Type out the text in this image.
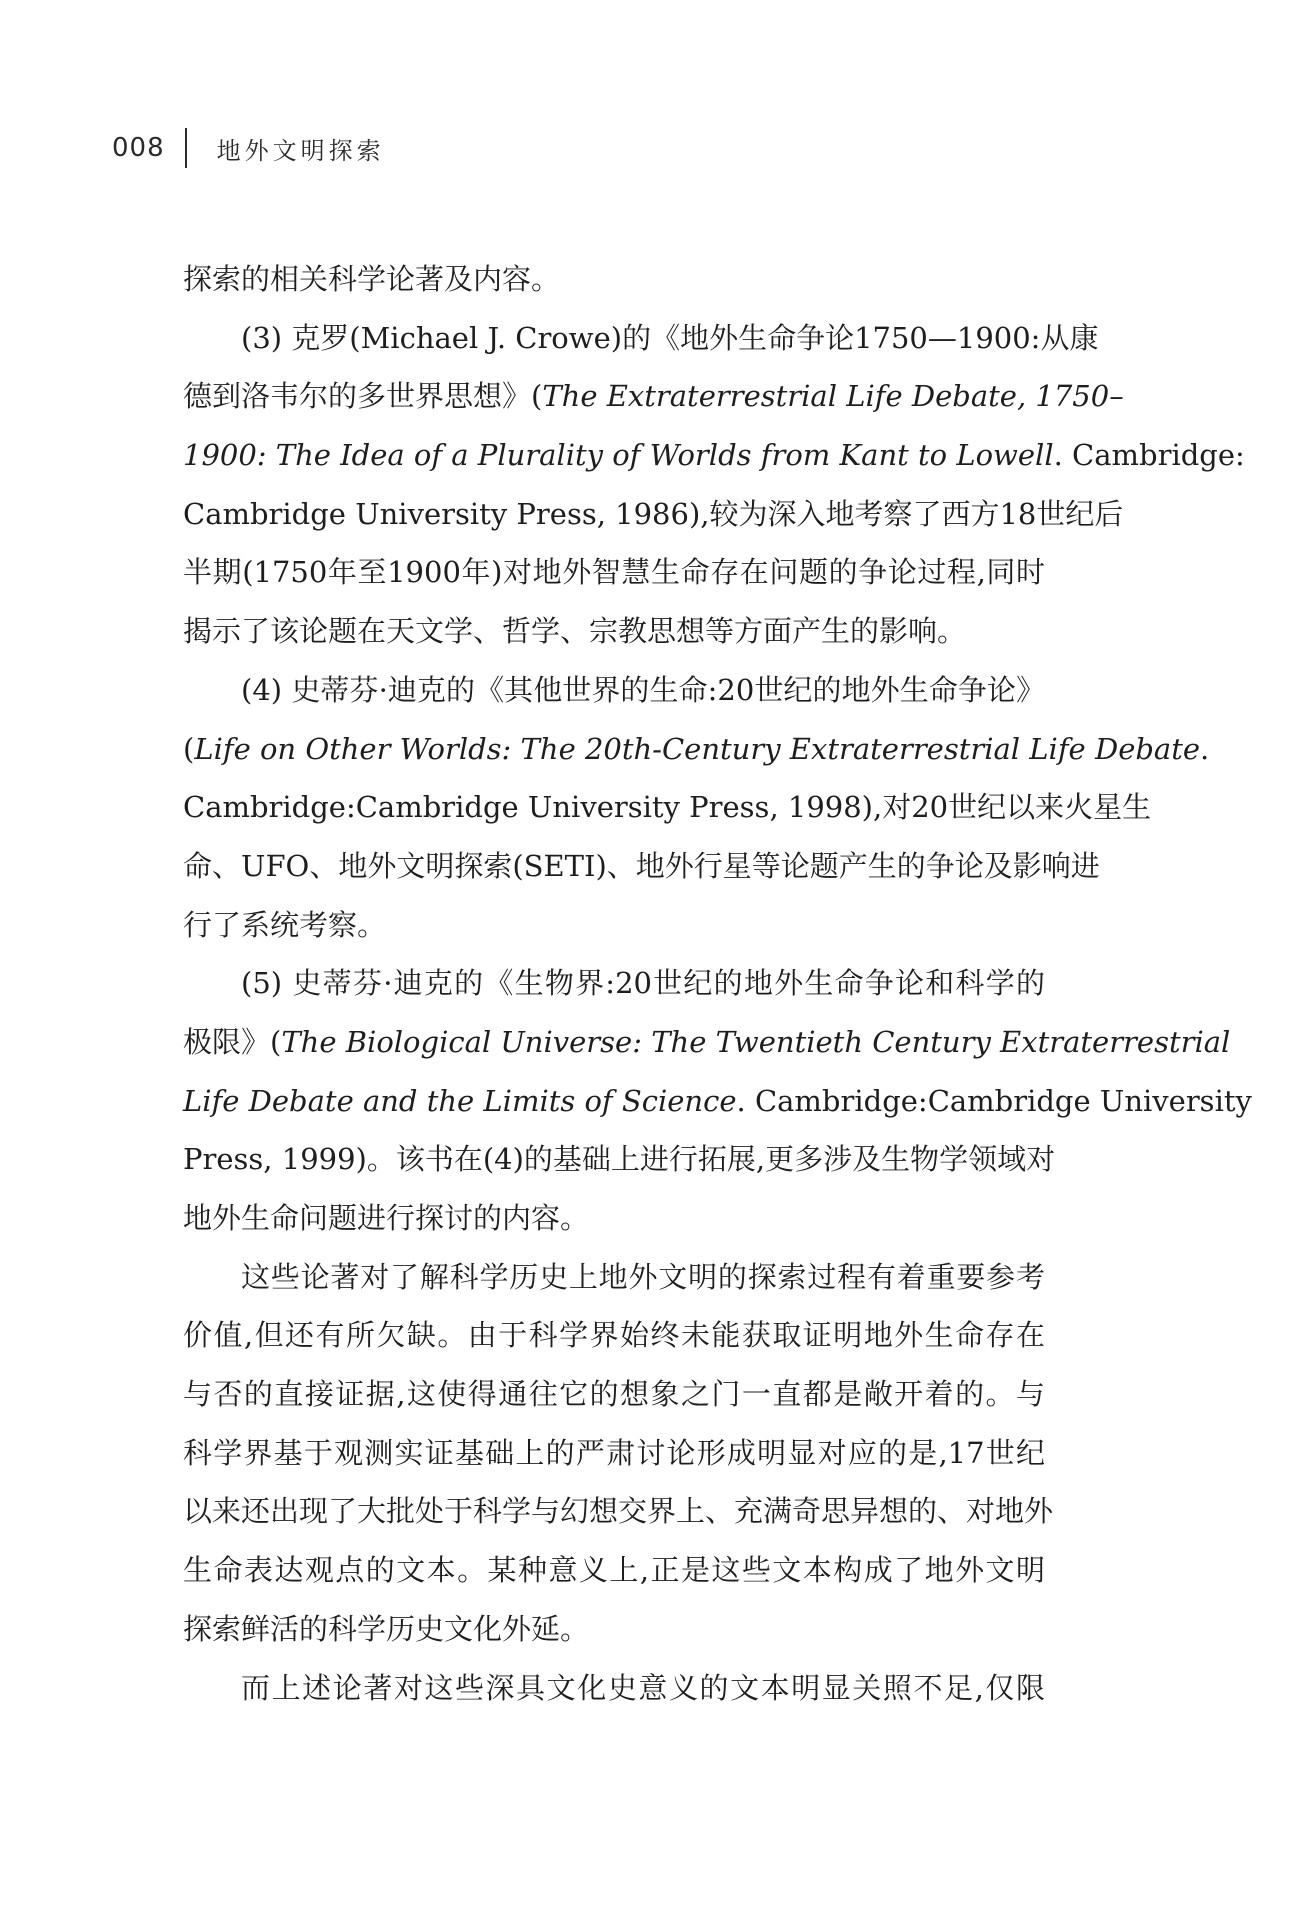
008 地外文明探索
探索的相关科学论著及内容。
(3) 克罗(Michael J. Crowe)的《地外生命争论1750—1900:从康
德到洛韦尔的多世界思想》(The Extraterrestrial Life Debate, 1750–
1900: The Idea of a Plurality of Worlds from Kant to Lowell. Cambridge:
Cambridge University Press, 1986),较为深入地考察了西方18世纪后
半期(1750年至1900年)对地外智慧生命存在问题的争论过程,同时
揭示了该论题在天文学、哲学、宗教思想等方面产生的影响。
(4) 史蒂芬·迪克的《其他世界的生命:20世纪的地外生命争论》
(Life on Other Worlds: The 20th-Century Extraterrestrial Life Debate.
Cambridge:Cambridge University Press, 1998),对20世纪以来火星生
命、UFO、地外文明探索(SETI)、地外行星等论题产生的争论及影响进
行了系统考察。
(5) 史蒂芬·迪克的《生物界:20世纪的地外生命争论和科学的
极限》(The Biological Universe: The Twentieth Century Extraterrestrial
Life Debate and the Limits of Science. Cambridge:Cambridge University
Press, 1999)。该书在(4)的基础上进行拓展,更多涉及生物学领域对
地外生命问题进行探讨的内容。
这些论著对了解科学历史上地外文明的探索过程有着重要参考
价值,但还有所欠缺。由于科学界始终未能获取证明地外生命存在
与否的直接证据,这使得通往它的想象之门一直都是敞开着的。与
科学界基于观测实证基础上的严肃讨论形成明显对应的是,17世纪
以来还出现了大批处于科学与幻想交界上、充满奇思异想的、对地外
生命表达观点的文本。某种意义上,正是这些文本构成了地外文明
探索鲜活的科学历史文化外延。
而上述论著对这些深具文化史意义的文本明显关照不足,仅限
